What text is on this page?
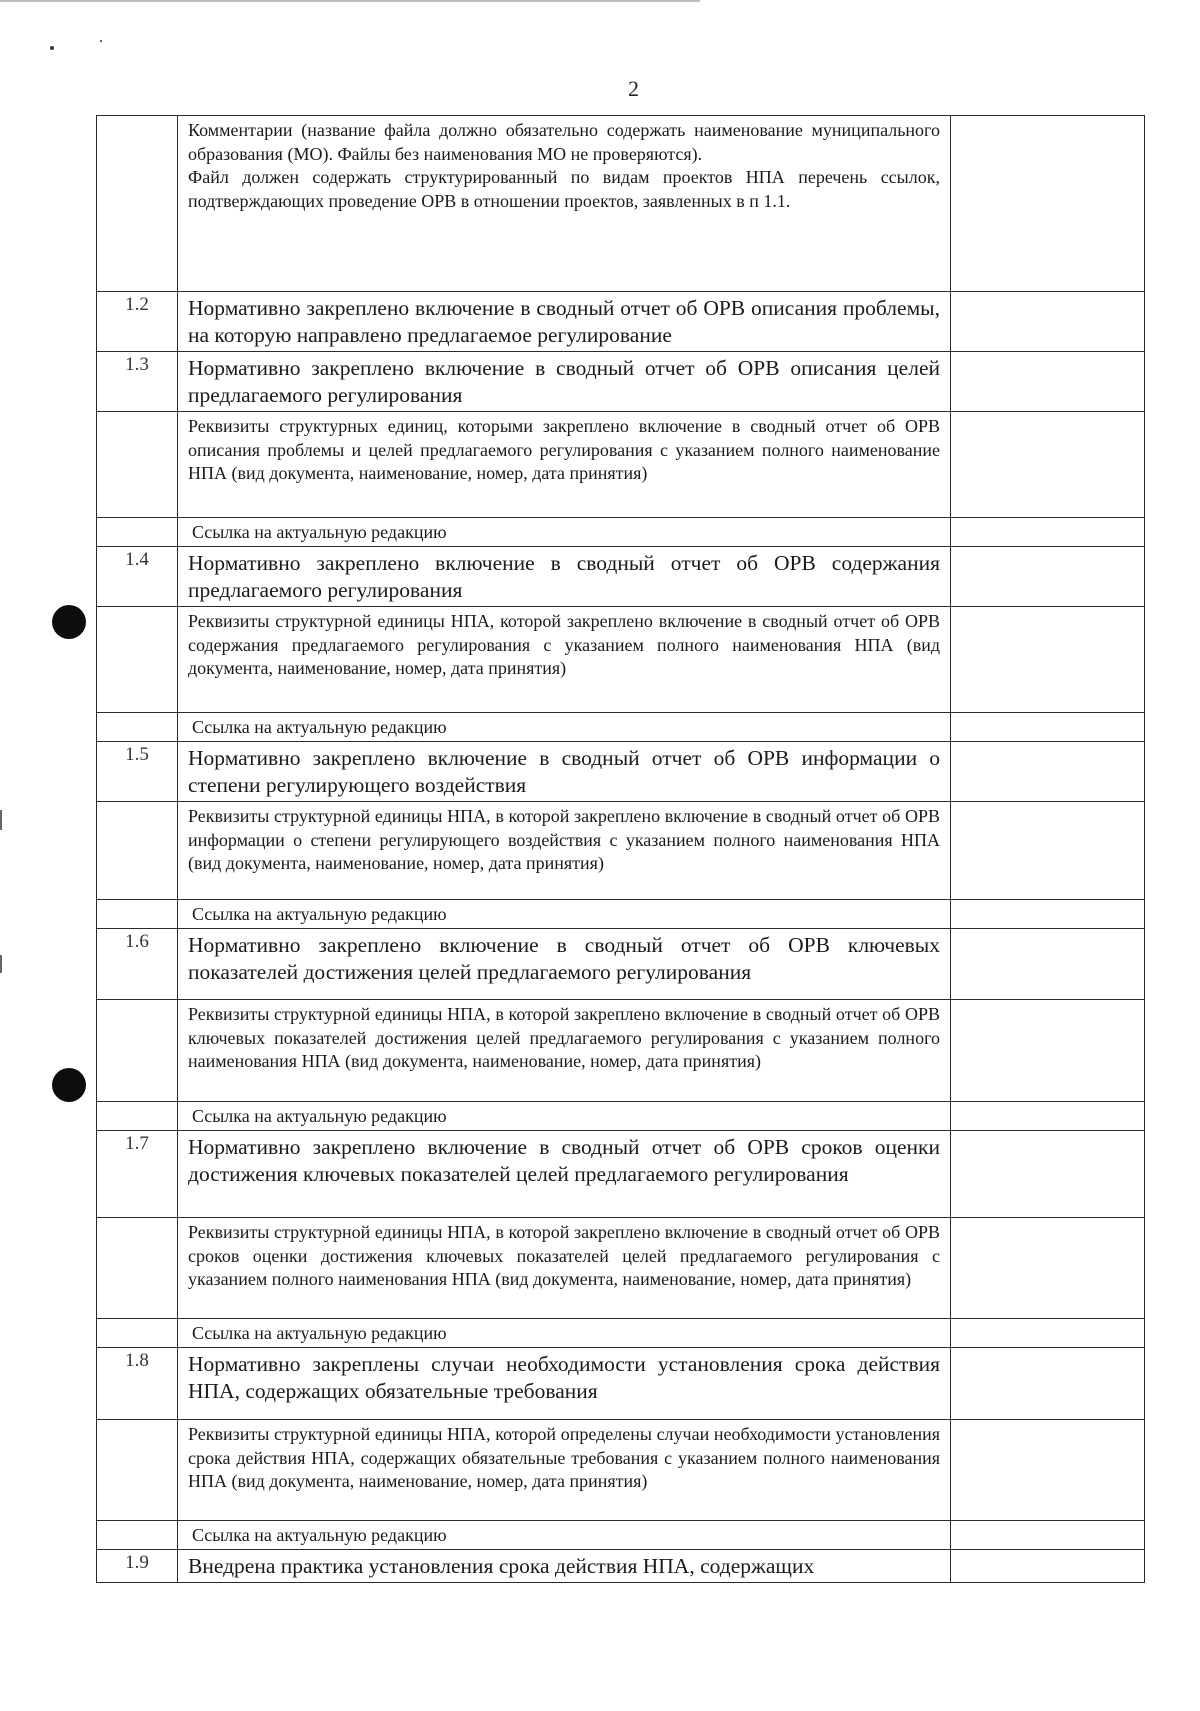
2

	Комментарии (название файла должно обязательно содержать наименование муниципального образования (МО). Файлы без наименования МО не проверяются).

Файл должен содержать структурированный по видам проектов НПА перечень ссылок, подтверждающих проведение ОРВ в отношении проектов, заявленных в п 1.1.	

1.2	Нормативно закреплено включение в сводный отчет об ОРВ описания проблемы, на которую направлено предлагаемое регулирование	
1.3	Нормативно закреплено включение в сводный отчет об ОРВ описания целей предлагаемого регулирования	
	Реквизиты структурных единиц, которыми закреплено включение в сводный отчет об ОРВ описания проблемы и целей предлагаемого регулирования с указанием полного наименование НПА (вид документа, наименование, номер, дата принятия)	
	Ссылка на актуальную редакцию	
1.4	Нормативно закреплено включение в сводный отчет об ОРВ содержания предлагаемого регулирования	
	Реквизиты структурной единицы НПА, которой закреплено включение в сводный отчет об ОРВ содержания предлагаемого регулирования с указанием полного наименования НПА (вид документа, наименование, номер, дата принятия)	
	Ссылка на актуальную редакцию	
1.5	Нормативно закреплено включение в сводный отчет об ОРВ информации о степени регулирующего воздействия	
	Реквизиты структурной единицы НПА, в которой закреплено включение в сводный отчет об ОРВ информации о степени регулирующего воздействия с указанием полного наименования НПА (вид документа, наименование, номер, дата принятия)	
	Ссылка на актуальную редакцию	
1.6	Нормативно закреплено включение в сводный отчет об ОРВ ключевых показателей достижения целей предлагаемого регулирования	
	Реквизиты структурной единицы НПА, в которой закреплено включение в сводный отчет об ОРВ ключевых показателей достижения целей предлагаемого регулирования с указанием полного наименования НПА (вид документа, наименование, номер, дата принятия)	
	Ссылка на актуальную редакцию	
1.7	Нормативно закреплено включение в сводный отчет об ОРВ сроков оценки достижения ключевых показателей целей предлагаемого регулирования	
	Реквизиты структурной единицы НПА, в которой закреплено включение в сводный отчет об ОРВ сроков оценки достижения ключевых показателей целей предлагаемого регулирования с указанием полного наименования НПА (вид документа, наименование, номер, дата принятия)	
	Ссылка на актуальную редакцию	
1.8	Нормативно закреплены случаи необходимости установления срока действия НПА, содержащих обязательные требования	
	Реквизиты структурной единицы НПА, которой определены случаи необходимости установления срока действия НПА, содержащих обязательные требования с указанием полного наименования НПА (вид документа, наименование, номер, дата принятия)	
	Ссылка на актуальную редакцию	
1.9	Внедрена практика установления срока действия НПА, содержащих	
